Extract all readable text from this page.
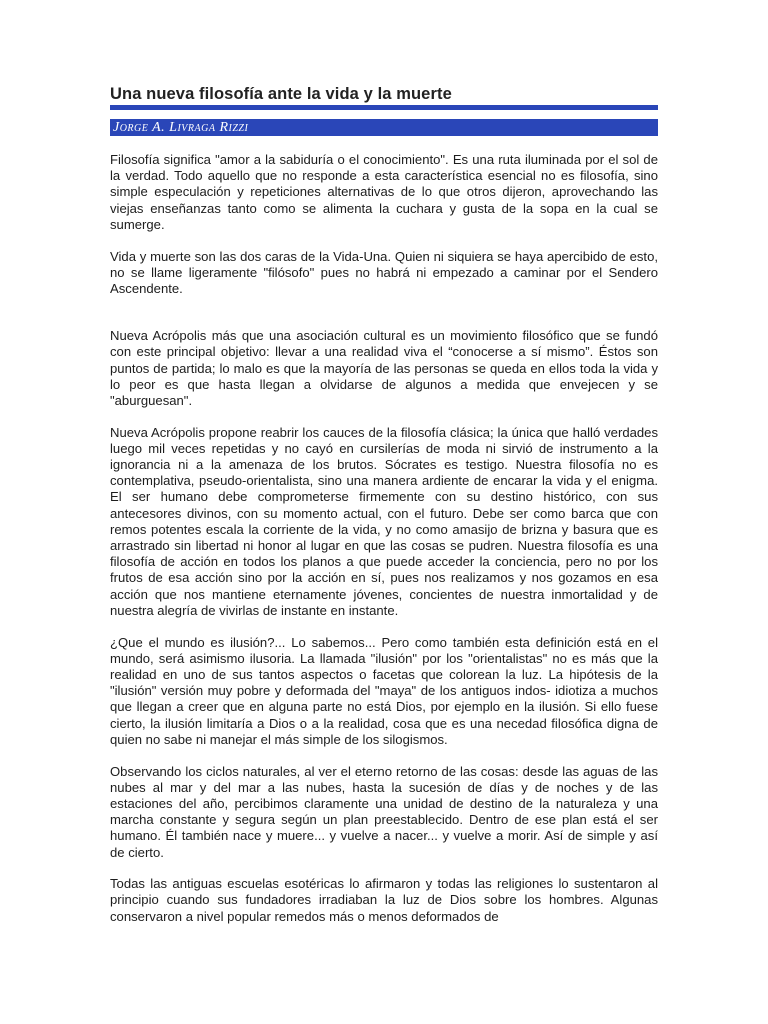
Una nueva filosofía ante la vida y la muerte
Jorge A. Livraga Rizzi

Filosofía significa "amor a la sabiduría o el conocimiento". Es una ruta iluminada por el sol de la verdad. Todo aquello que no responde a esta característica esencial no es filosofía, sino simple especulación y repeticiones alternativas de lo que otros dijeron, aprovechando las viejas enseñanzas tanto como se alimenta la cuchara y gusta de la sopa en la cual se sumerge.

Vida y muerte son las dos caras de la Vida-Una. Quien ni siquiera se haya apercibido de esto, no se llame ligeramente "filósofo" pues no habrá ni empezado a caminar por el Sendero Ascendente.

Nueva Acrópolis más que una asociación cultural es un movimiento filosófico que se fundó con este principal objetivo: llevar a una realidad viva el “conocerse a sí mismo”. Éstos son puntos de partida; lo malo es que la mayoría de las personas se queda en ellos toda la vida y lo peor es que hasta llegan a olvidarse de algunos a medida que envejecen y se "aburguesan".

Nueva Acrópolis propone reabrir los cauces de la filosofía clásica; la única que halló verdades luego mil veces repetidas y no cayó en cursilerías de moda ni sirvió de instrumento a la ignorancia ni a la amenaza de los brutos. Sócrates es testigo. Nuestra filosofía no es contemplativa, pseudo-orientalista, sino una manera ardiente de encarar la vida y el enigma. El ser humano debe comprometerse firmemente con su destino histórico, con sus antecesores divinos, con su momento actual, con el futuro. Debe ser como barca que con remos potentes escala la corriente de la vida, y no como amasijo de brizna y basura que es arrastrado sin libertad ni honor al lugar en que las cosas se pudren. Nuestra filosofía es una filosofía de acción en todos los planos a que puede acceder la conciencia, pero no por los frutos de esa acción sino por la acción en sí, pues nos realizamos y nos gozamos en esa acción que nos mantiene eternamente jóvenes, concientes de nuestra inmortalidad y de nuestra alegría de vivirlas de instante en instante.

¿Que el mundo es ilusión?... Lo sabemos... Pero como también esta definición está en el mundo, será asimismo ilusoria. La llamada "ilusión" por los "orientalistas" no es más que la realidad en uno de sus tantos aspectos o facetas que colorean la luz. La hipótesis de la "ilusión" versión muy pobre y deformada del "maya" de los antiguos indos- idiotiza a muchos que llegan a creer que en alguna parte no está Dios, por ejemplo en la ilusión. Si ello fuese cierto, la ilusión limitaría a Dios o a la realidad, cosa que es una necedad filosófica digna de quien no sabe ni manejar el más simple de los silogismos.

Observando los ciclos naturales, al ver el eterno retorno de las cosas: desde las aguas de las nubes al mar y del mar a las nubes, hasta la sucesión de días y de noches y de las estaciones del año, percibimos claramente una unidad de destino de la naturaleza y una marcha constante y segura según un plan preestablecido. Dentro de ese plan está el ser humano. Él también nace y muere... y vuelve a nacer... y vuelve a morir. Así de simple y así de cierto.

Todas las antiguas escuelas esotéricas lo afirmaron y todas las religiones lo sustentaron al principio cuando sus fundadores irradiaban la luz de Dios sobre los hombres. Algunas conservaron a nivel popular remedos más o menos deformados de
